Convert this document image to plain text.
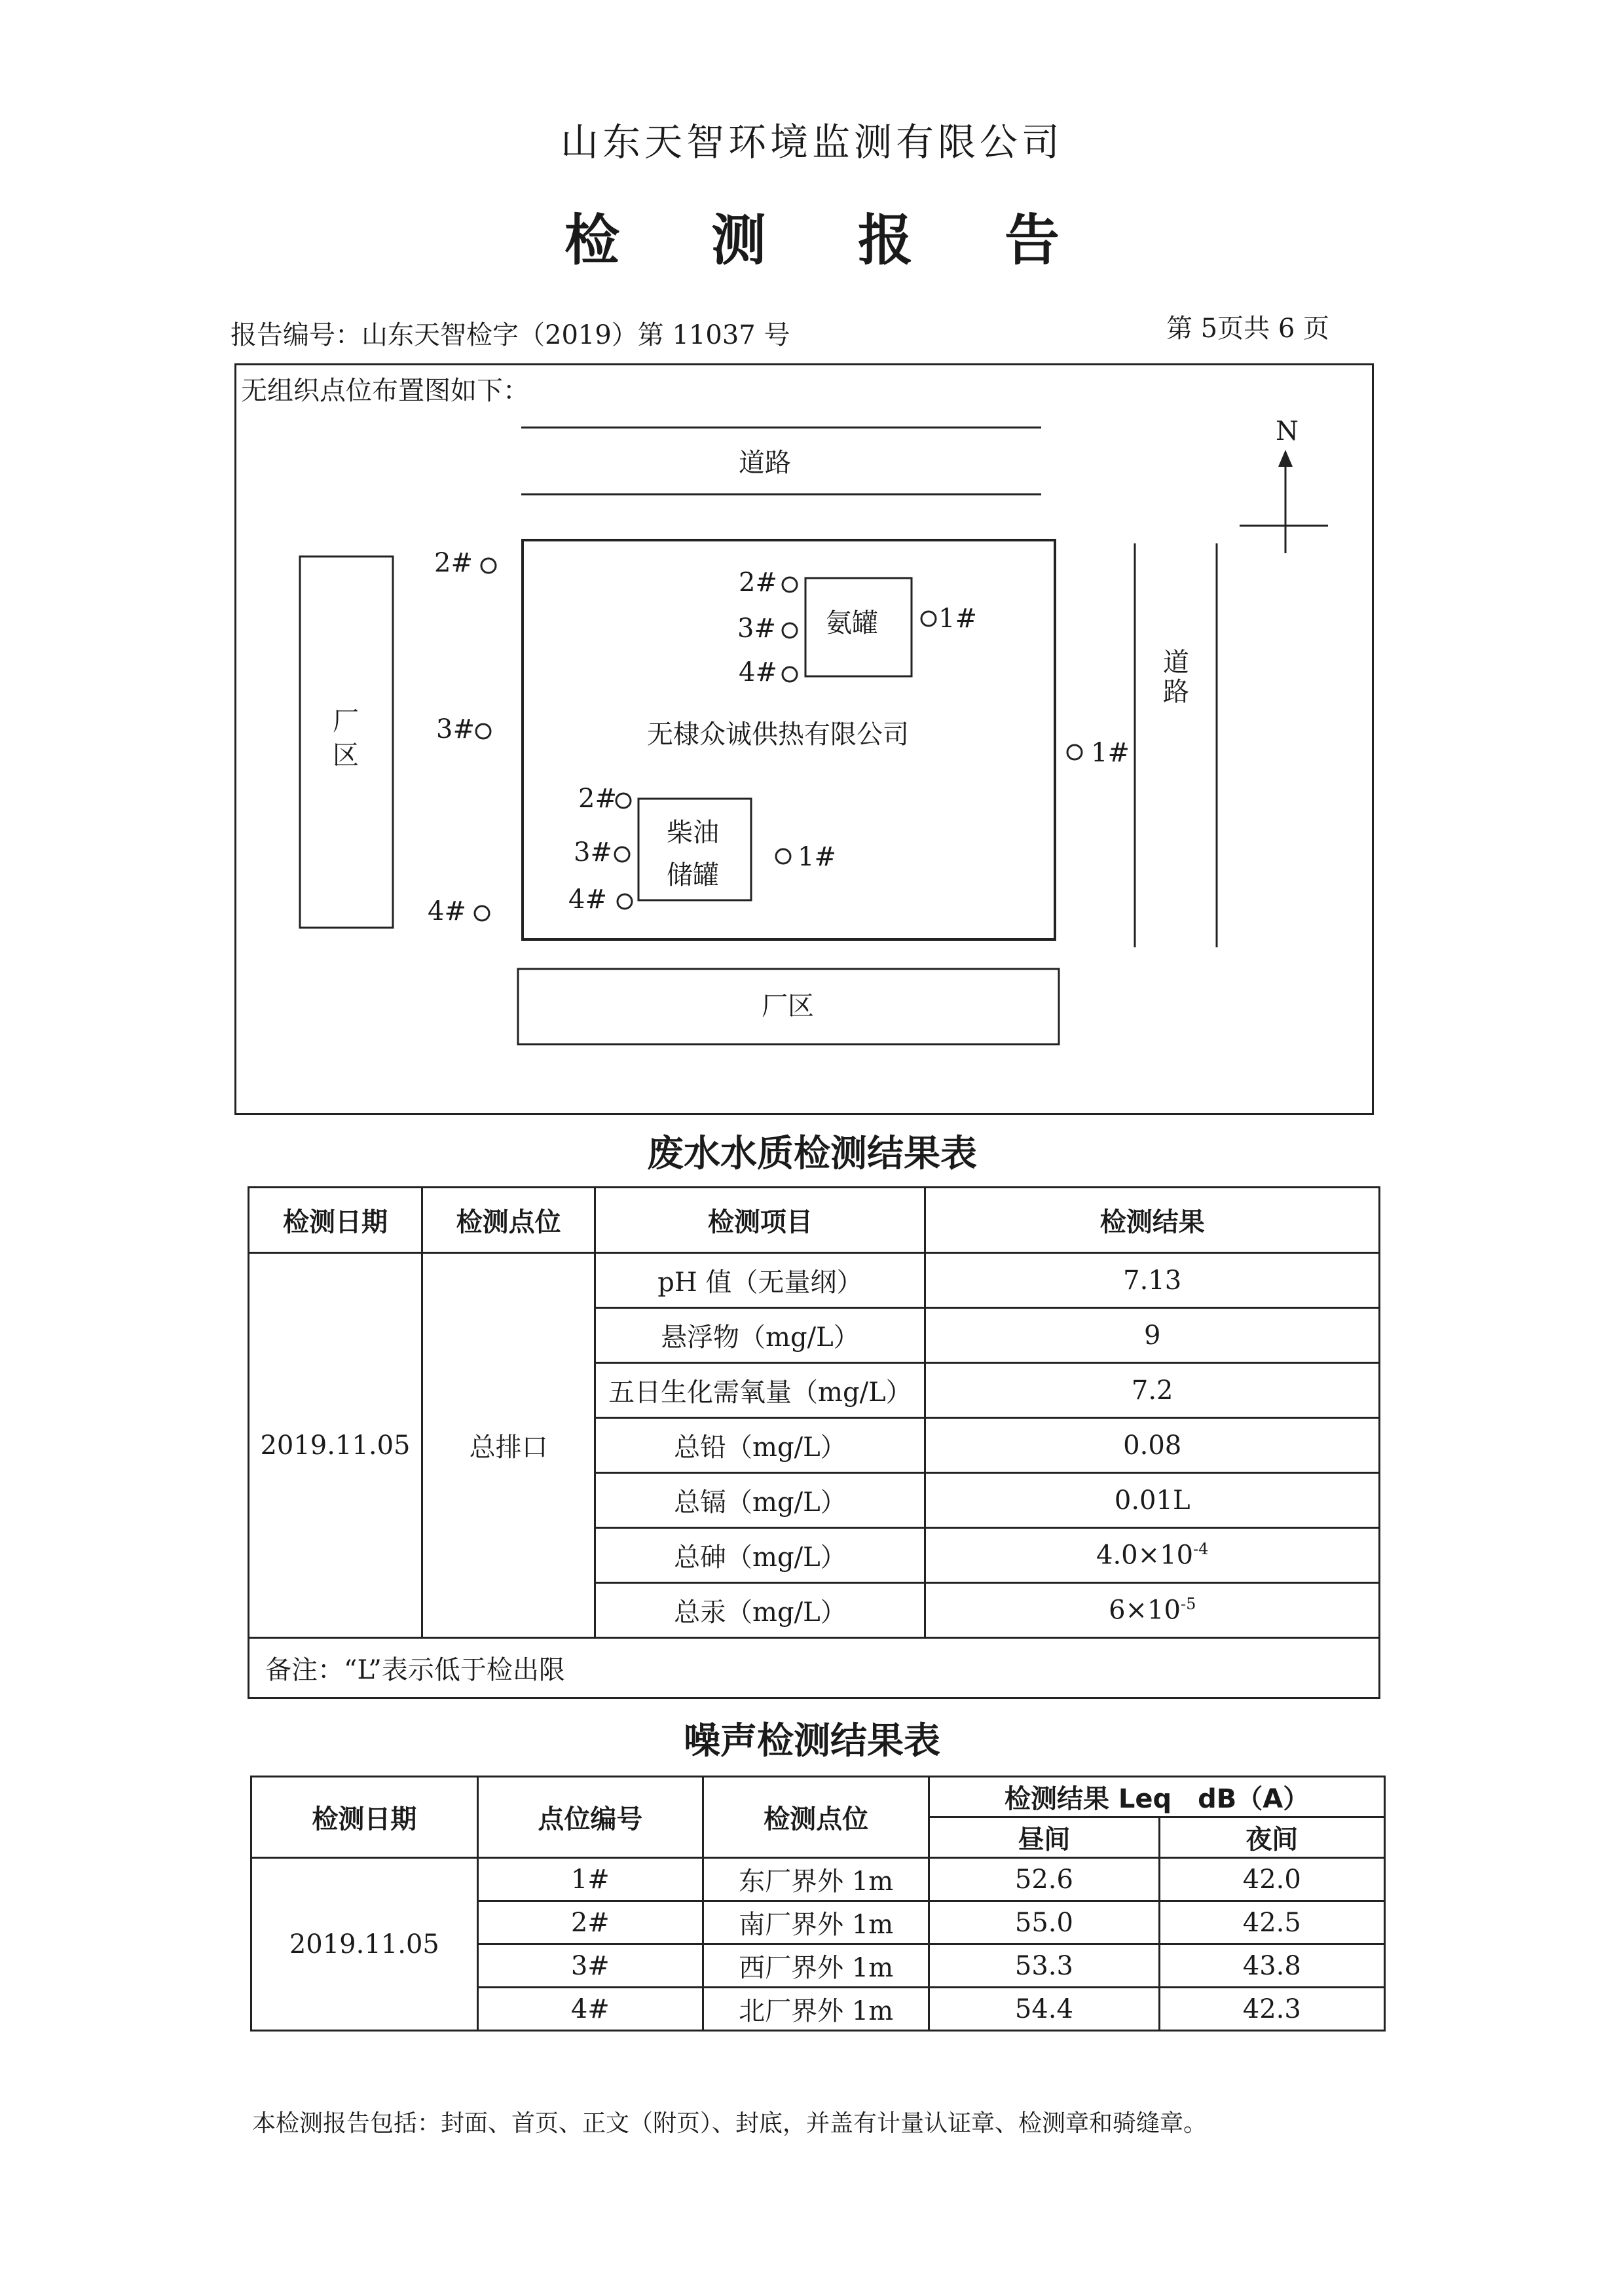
山东天智环境监测有限公司
检 测 报 告
报告编号：山东天智检字（2019）第 11037 号	第 5页共 6 页
无组织点位布置图如下：
道路
N
道
路
厂
区
厂区
无棣众诚供热有限公司
氨罐
柴油
储罐
2#
3#
4#
1#
2#
3#
4#
1#
2#
3#
4#
1#
废水水质检测结果表
检测日期	检测点位	检测项目	检测结果
2019.11.05	总排口	pH 值（无量纲）	7.13
		悬浮物（mg/L）	9
		五日生化需氧量（mg/L）	7.2
		总铅（mg/L）	0.08
		总镉（mg/L）	0.01L
		总砷（mg/L）	$4.0\times 10^{-4}$
		总汞（mg/L）	$6\times 10^{-5}$
备注：“L”表示低于检出限			
噪声检测结果表
检测日期	点位编号	检测点位	检测结果 Leq　dB（A）	
			昼间	夜间
2019.11.05	1#	东厂界外 1m	52.6	42.0
	2#	南厂界外 1m	55.0	42.5
	3#	西厂界外 1m	53.3	43.8
	4#	北厂界外 1m	54.4	42.3
本检测报告包括：封面、首页、正文（附页）、封底，并盖有计量认证章、检测章和骑缝章。
